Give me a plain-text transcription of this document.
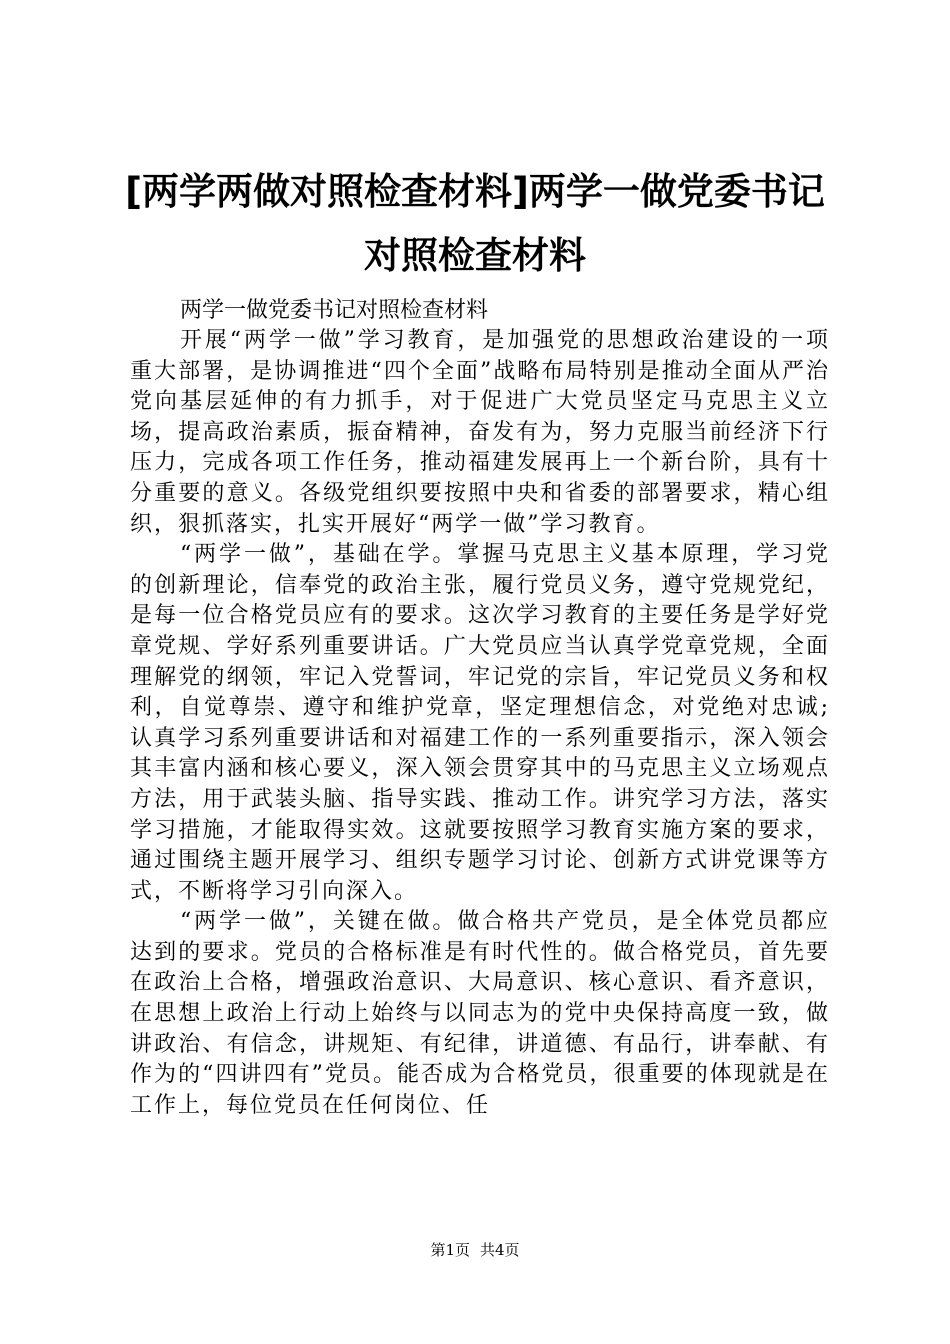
[两学两做对照检查材料]两学一做党委书记对照检查材料

两学一做党委书记对照检查材料

开展“两学一做”学习教育，是加强党的思想政治建设的一项重大部署，是协调推进“四个全面”战略布局特别是推动全面从严治党向基层延伸的有力抓手，对于促进广大党员坚定马克思主义立场，提高政治素质，振奋精神，奋发有为，努力克服当前经济下行压力，完成各项工作任务，推动福建发展再上一个新台阶，具有十分重要的意义。各级党组织要按照中央和省委的部署要求，精心组织，狠抓落实，扎实开展好“两学一做”学习教育。

“两学一做”，基础在学。掌握马克思主义基本原理，学习党的创新理论，信奉党的政治主张，履行党员义务，遵守党规党纪，是每一位合格党员应有的要求。这次学习教育的主要任务是学好党章党规、学好系列重要讲话。广大党员应当认真学党章党规，全面理解党的纲领，牢记入党誓词，牢记党的宗旨，牢记党员义务和权利，自觉尊崇、遵守和维护党章，坚定理想信念，对党绝对忠诚;认真学习系列重要讲话和对福建工作的一系列重要指示，深入领会其丰富内涵和核心要义，深入领会贯穿其中的马克思主义立场观点方法，用于武装头脑、指导实践、推动工作。讲究学习方法，落实学习措施，才能取得实效。这就要按照学习教育实施方案的要求，通过围绕主题开展学习、组织专题学习讨论、创新方式讲党课等方式，不断将学习引向深入。

“两学一做”，关键在做。做合格共产党员，是全体党员都应达到的要求。党员的合格标准是有时代性的。做合格党员，首先要在政治上合格，增强政治意识、大局意识、核心意识、看齐意识，在思想上政治上行动上始终与以同志为的党中央保持高度一致，做讲政治、有信念，讲规矩、有纪律，讲道德、有品行，讲奉献、有作为的“四讲四有”党员。能否成为合格党员，很重要的体现就是在工作上，每位党员在任何岗位、任

第1页 共4页
